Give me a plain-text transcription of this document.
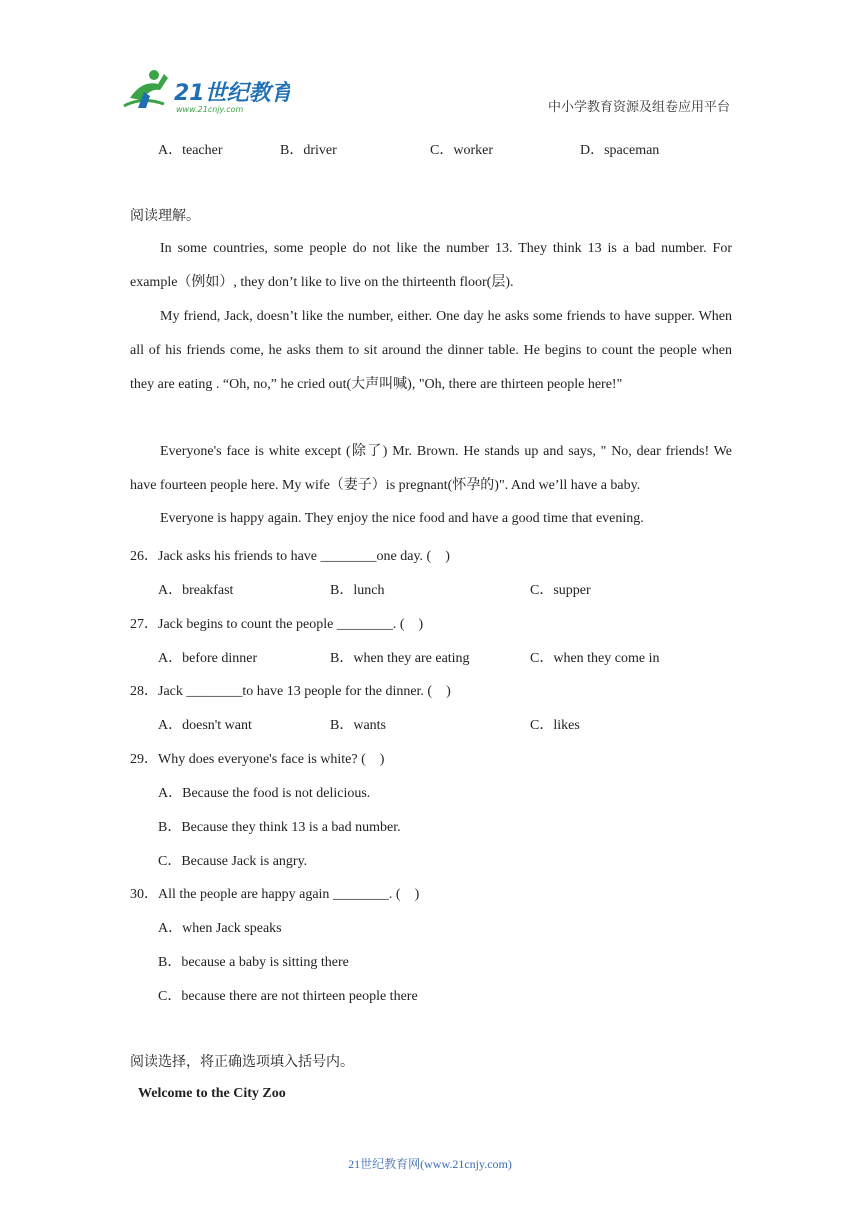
21世纪教育
www.21cnjy.com	中小学教育资源及组卷应用平台
A．teacher	B．driver	C．worker	D．spaceman
阅读理解。
In some countries, some people do not like the number 13. They think 13 is a bad number. For example（例如）, they don’t like to live on the thirteenth floor(层).
My friend, Jack, doesn’t like the number, either. One day he asks some friends to have supper. When all of his friends come, he asks them to sit around the dinner table. He begins to count the people when they are eating . “Oh, no,” he cried out(大声叫喊), "Oh, there are thirteen people here!"
Everyone's face is white except (除了) Mr. Brown. He stands up and says, " No, dear friends! We have fourteen people here. My wife（妻子）is pregnant(怀孕的)". And we’ll have a baby.
Everyone is happy again. They enjoy the nice food and have a good time that evening.
26．Jack asks his friends to have ________one day. (　)
A．breakfast	B．lunch	C．supper
27．Jack begins to count the people ________. (　)
A．before dinner	B．when they are eating	C．when they come in
28．Jack ________to have 13 people for the dinner. (　)
A．doesn't want	B．wants	C．likes
29．Why does everyone's face is white? (　)
A．Because the food is not delicious.
B．Because they think 13 is a bad number.
C．Because Jack is angry.
30．All the people are happy again ________. (　)
A．when Jack speaks
B．because a baby is sitting there
C．because there are not thirteen people there
阅读选择，将正确选项填入括号内。
Welcome to the City Zoo
21世纪教育网(www.21cnjy.com)
